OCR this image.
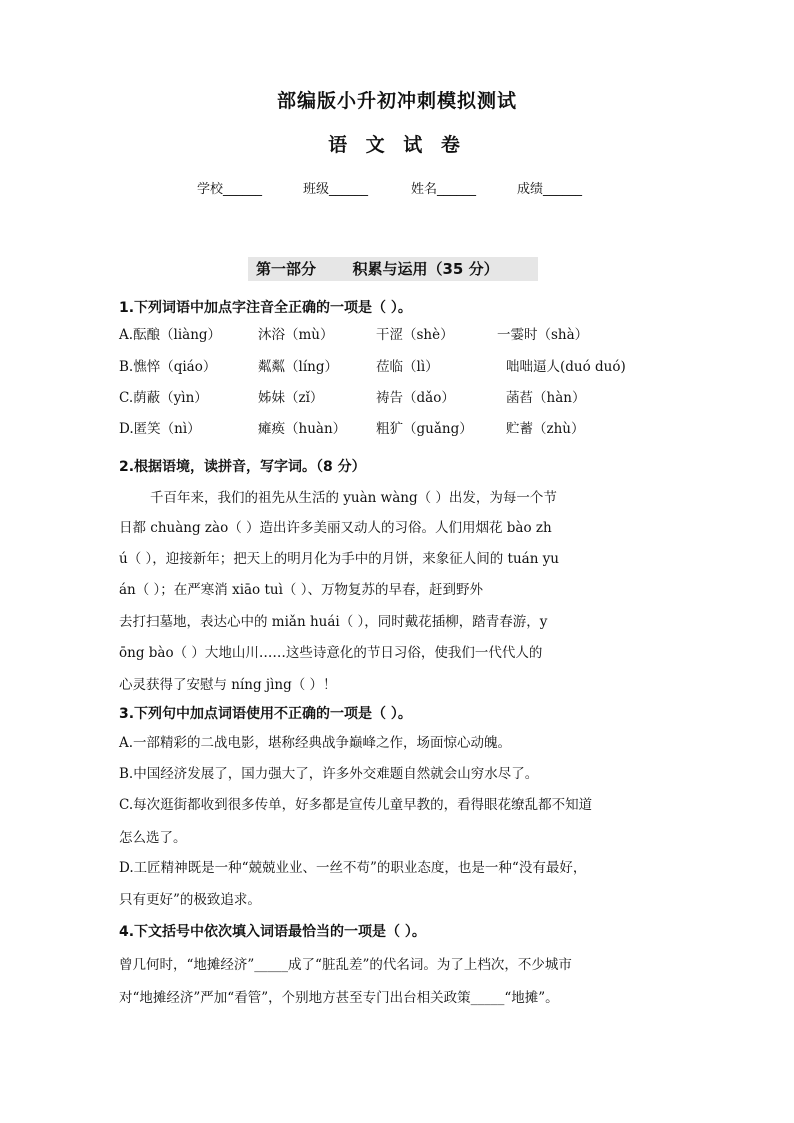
部编版小升初冲刺模拟测试
语 文 试 卷
学校______	班级______	姓名______	成绩______
第一部分 积累与运用（35 分）
1.下列词语中加点字注音全正确的一项是（ ）。
A.酝酿（liàng）	沐浴（mù）	干涩（shè）	一霎时（shà）
B.憔悴（qiáo）	粼粼（líng）	莅临（lì）	咄咄逼人(duó duó)
C.荫蔽（yìn）	姊妹（zǐ）	祷告（dǎo）	菡萏（hàn）
D.匿笑（nì）	瘫痪（huàn） 粗犷（guǎng） 贮蓄（zhù）
2.根据语境，读拼音，写字词。（8 分）
千百年来，我们的祖先从生活的 yuàn wàng（ ）出发，为每一个节
日都 chuàng zào（ ）造出许多美丽又动人的习俗。人们用烟花 bào zh
ú（ ），迎接新年；把天上的明月化为手中的月饼，来象征人间的 tuán yu
án（ ）；在严寒消 xiāo tuì（ ）、万物复苏的早春，赶到野外
去打扫墓地，表达心中的 miǎn huái（ ），同时戴花插柳，踏青春游，y
ōng bào（ ）大地山川……这些诗意化的节日习俗，使我们一代代人的
心灵获得了安慰与 níng jìng（ ）！
3.下列句中加点词语使用不正确的一项是（ ）。
A.一部精彩的二战电影，堪称经典战争巅峰之作，场面惊心动魄。
B.中国经济发展了，国力强大了，许多外交难题自然就会山穷水尽了。
C.每次逛街都收到很多传单，好多都是宣传儿童早教的，看得眼花缭乱都不知道
怎么选了。
D.工匠精神既是一种“兢兢业业、一丝不苟”的职业态度，也是一种“没有最好，
只有更好”的极致追求。
4.下文括号中依次填入词语最恰当的一项是（ ）。
曾几何时，“地摊经济”_____成了“脏乱差”的代名词。为了上档次，不少城市
对“地摊经济”严加“看管”，个别地方甚至专门出台相关政策_____“地摊”。
